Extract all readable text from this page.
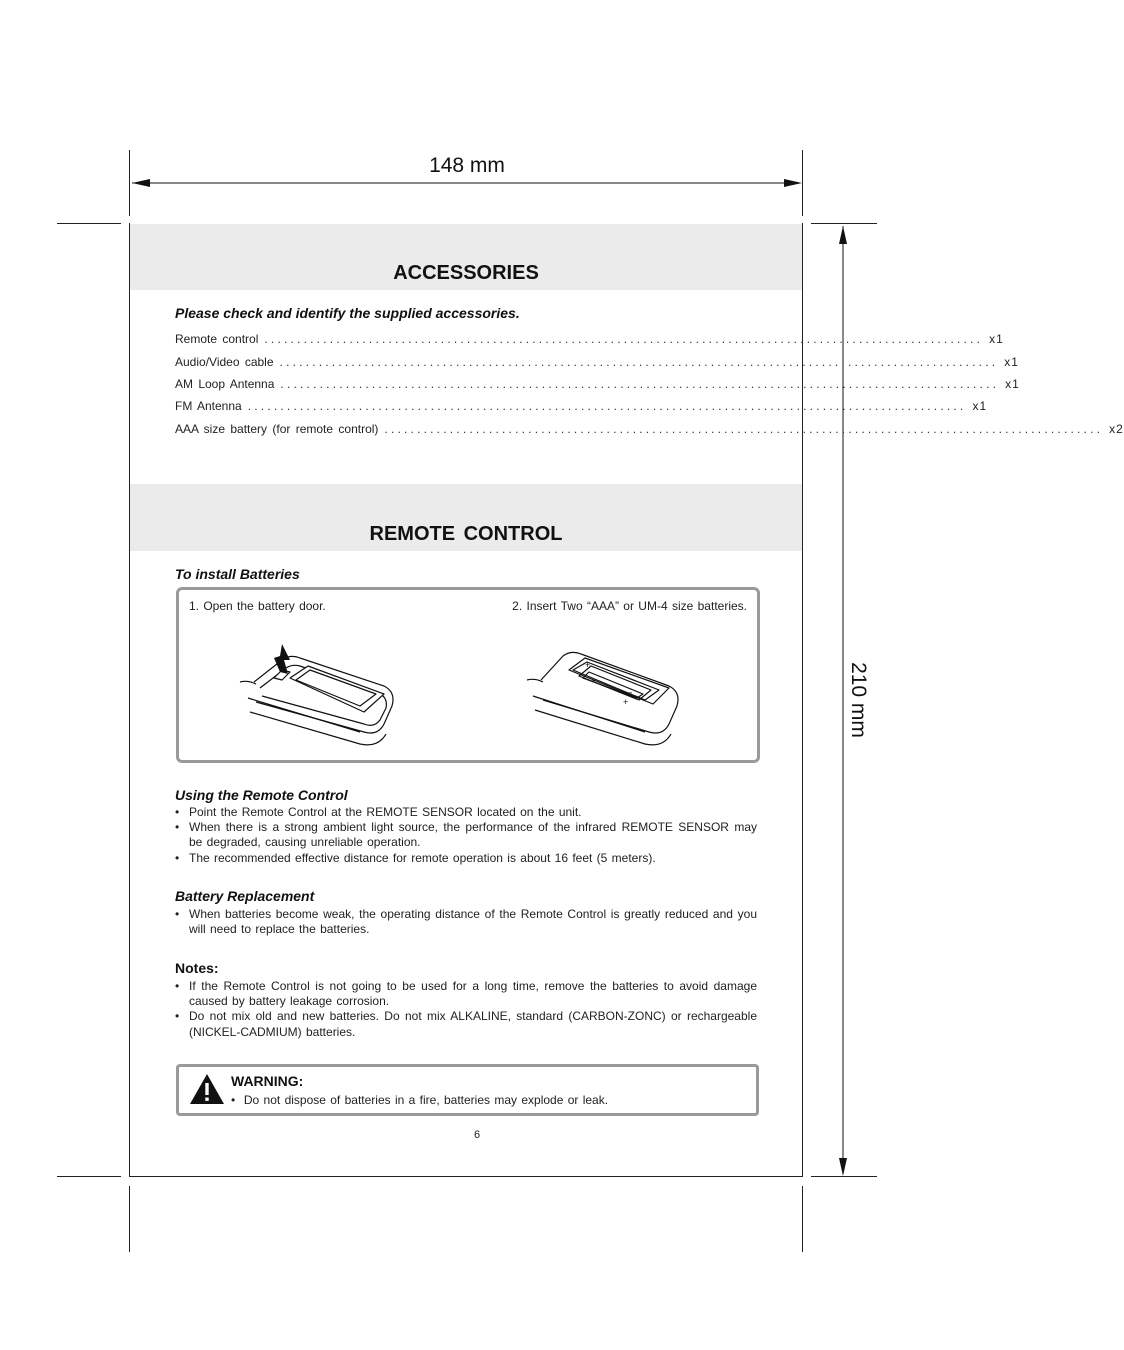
148 mm
210 mm
ACCESSORIES
Please check and identify the supplied accessories.
Remote control .............................................................................................................. x1
Audio/Video cable .............................................................................................................. x1
AM Loop Antenna .............................................................................................................. x1
FM Antenna .............................................................................................................. x1
AAA size battery (for remote control) .............................................................................................................. x2
REMOTE CONTROL
To install Batteries
1. Open the battery door.	2. Insert Two “AAA” or UM-4 size batteries.
+
–
–
+
Using the Remote Control
• Point the Remote Control at the REMOTE SENSOR located on the unit.
• When there is a strong ambient light source, the performance of the infrared REMOTE SENSOR may be degraded, causing unreliable operation.
• The recommended effective distance for remote operation is about 16 feet (5 meters).
Battery Replacement
• When batteries become weak, the operating distance of the Remote Control is greatly reduced and you will need to replace the batteries.
Notes:
• If the Remote Control is not going to be used for a long time, remove the batteries to avoid damage caused by battery leakage corrosion.
• Do not mix old and new batteries. Do not mix ALKALINE, standard (CARBON-ZONC) or rechargeable (NICKEL-CADMIUM) batteries.
WARNING:
•  Do not dispose of batteries in a fire, batteries may explode or leak.
6
